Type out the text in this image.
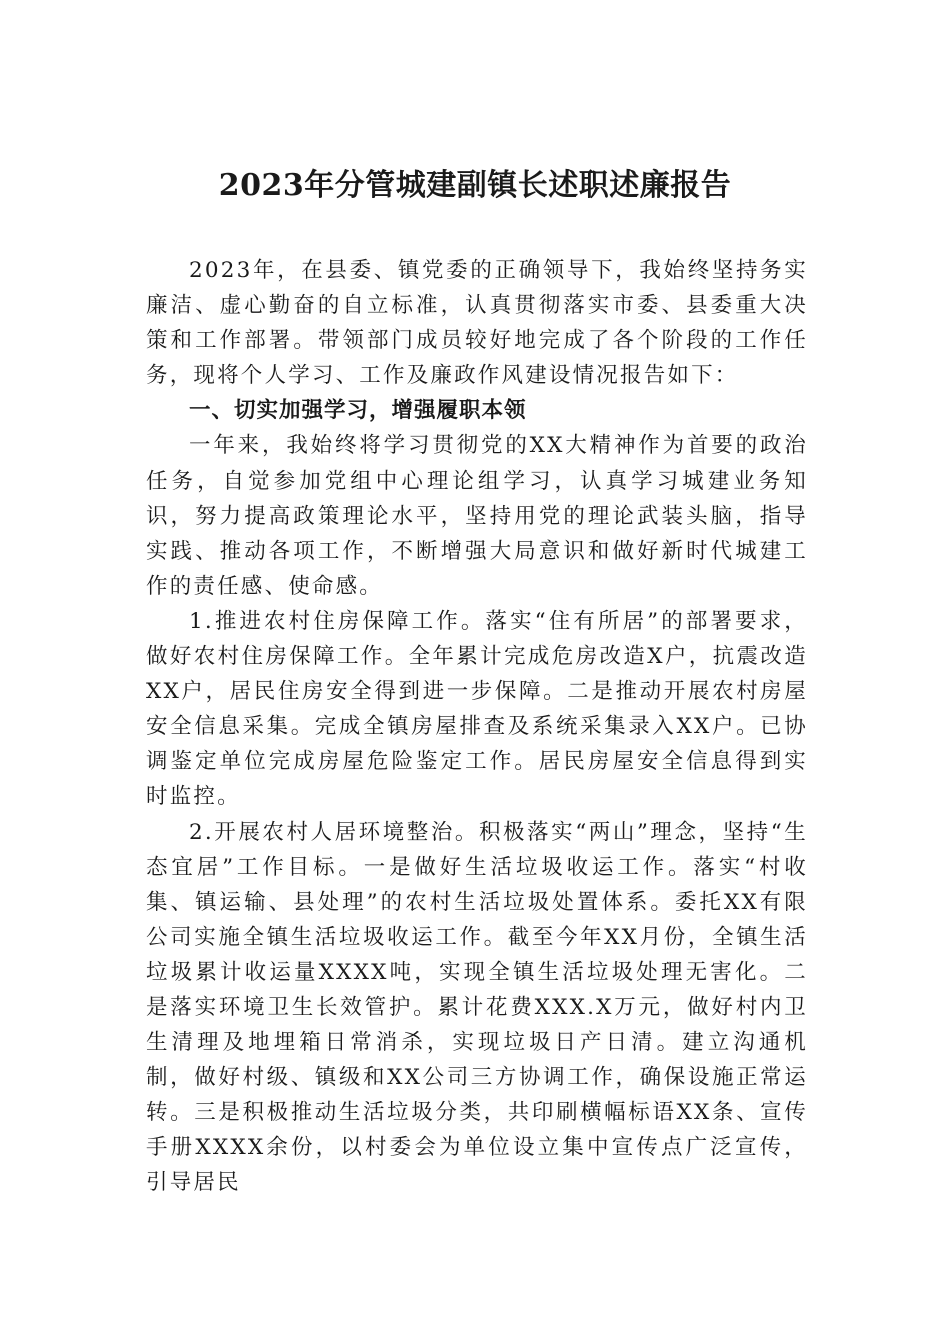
2023年分管城建副镇长述职述廉报告

2023年，在县委、镇党委的正确领导下，我始终坚持务实廉洁、虚心勤奋的自立标准，认真贯彻落实市委、县委重大决策和工作部署。带领部门成员较好地完成了各个阶段的工作任务，现将个人学习、工作及廉政作风建设情况报告如下：

一、切实加强学习，增强履职本领

一年来，我始终将学习贯彻党的XX大精神作为首要的政治任务，自觉参加党组中心理论组学习，认真学习城建业务知识，努力提高政策理论水平，坚持用党的理论武装头脑，指导实践、推动各项工作，不断增强大局意识和做好新时代城建工作的责任感、使命感。

1.推进农村住房保障工作。落实“住有所居”的部署要求，做好农村住房保障工作。全年累计完成危房改造X户，抗震改造XX户，居民住房安全得到进一步保障。二是推动开展农村房屋安全信息采集。完成全镇房屋排查及系统采集录入XX户。已协调鉴定单位完成房屋危险鉴定工作。居民房屋安全信息得到实时监控。

2.开展农村人居环境整治。积极落实“两山”理念，坚持“生态宜居”工作目标。一是做好生活垃圾收运工作。落实“村收集、镇运输、县处理”的农村生活垃圾处置体系。委托XX有限公司实施全镇生活垃圾收运工作。截至今年XX月份，全镇生活垃圾累计收运量XXXX吨，实现全镇生活垃圾处理无害化。二是落实环境卫生长效管护。累计花费XXX.X万元，做好村内卫生清理及地埋箱日常消杀，实现垃圾日产日清。建立沟通机制，做好村级、镇级和XX公司三方协调工作，确保设施正常运转。三是积极推动生活垃圾分类，共印刷横幅标语XX条、宣传手册XXXX余份，以村委会为单位设立集中宣传点广泛宣传，引导居民
